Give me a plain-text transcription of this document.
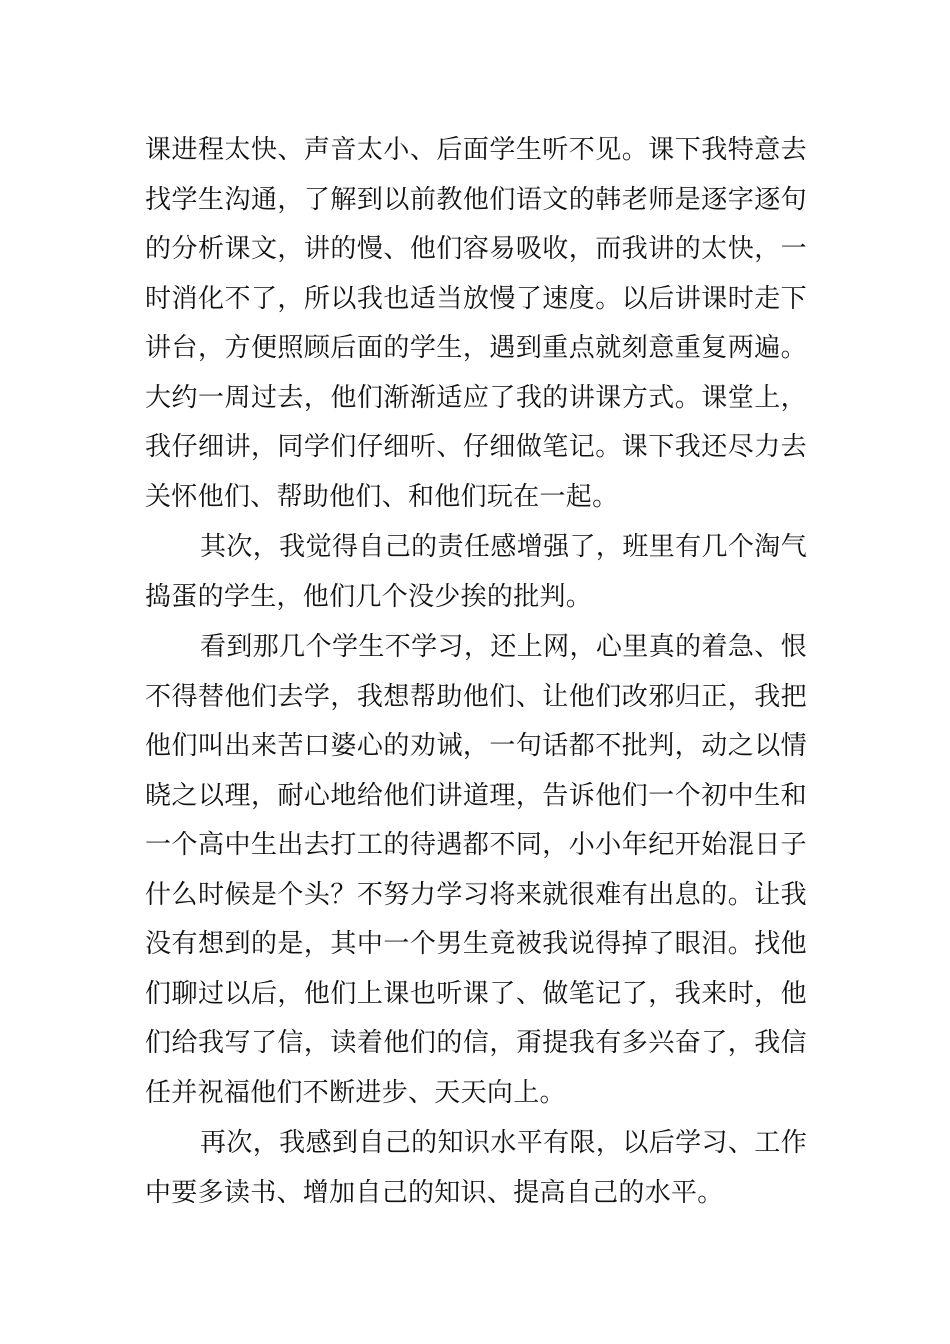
课进程太快、声音太小、后面学生听不见。课下我特意去找学生沟通，了解到以前教他们语文的韩老师是逐字逐句的分析课文，讲的慢、他们容易吸收，而我讲的太快，一时消化不了，所以我也适当放慢了速度。以后讲课时走下讲台，方便照顾后面的学生，遇到重点就刻意重复两遍。大约一周过去，他们渐渐适应了我的讲课方式。课堂上，我仔细讲，同学们仔细听、仔细做笔记。课下我还尽力去关怀他们、帮助他们、和他们玩在一起。

其次，我觉得自己的责任感增强了，班里有几个淘气捣蛋的学生，他们几个没少挨的批判。

看到那几个学生不学习，还上网，心里真的着急、恨不得替他们去学，我想帮助他们、让他们改邪归正，我把他们叫出来苦口婆心的劝诫，一句话都不批判，动之以情晓之以理，耐心地给他们讲道理，告诉他们一个初中生和一个高中生出去打工的待遇都不同，小小年纪开始混日子什么时候是个头？不努力学习将来就很难有出息的。让我没有想到的是，其中一个男生竟被我说得掉了眼泪。找他们聊过以后，他们上课也听课了、做笔记了，我来时，他们给我写了信，读着他们的信，甭提我有多兴奋了，我信任并祝福他们不断进步、天天向上。

再次，我感到自己的知识水平有限，以后学习、工作中要多读书、增加自己的知识、提高自己的水平。
